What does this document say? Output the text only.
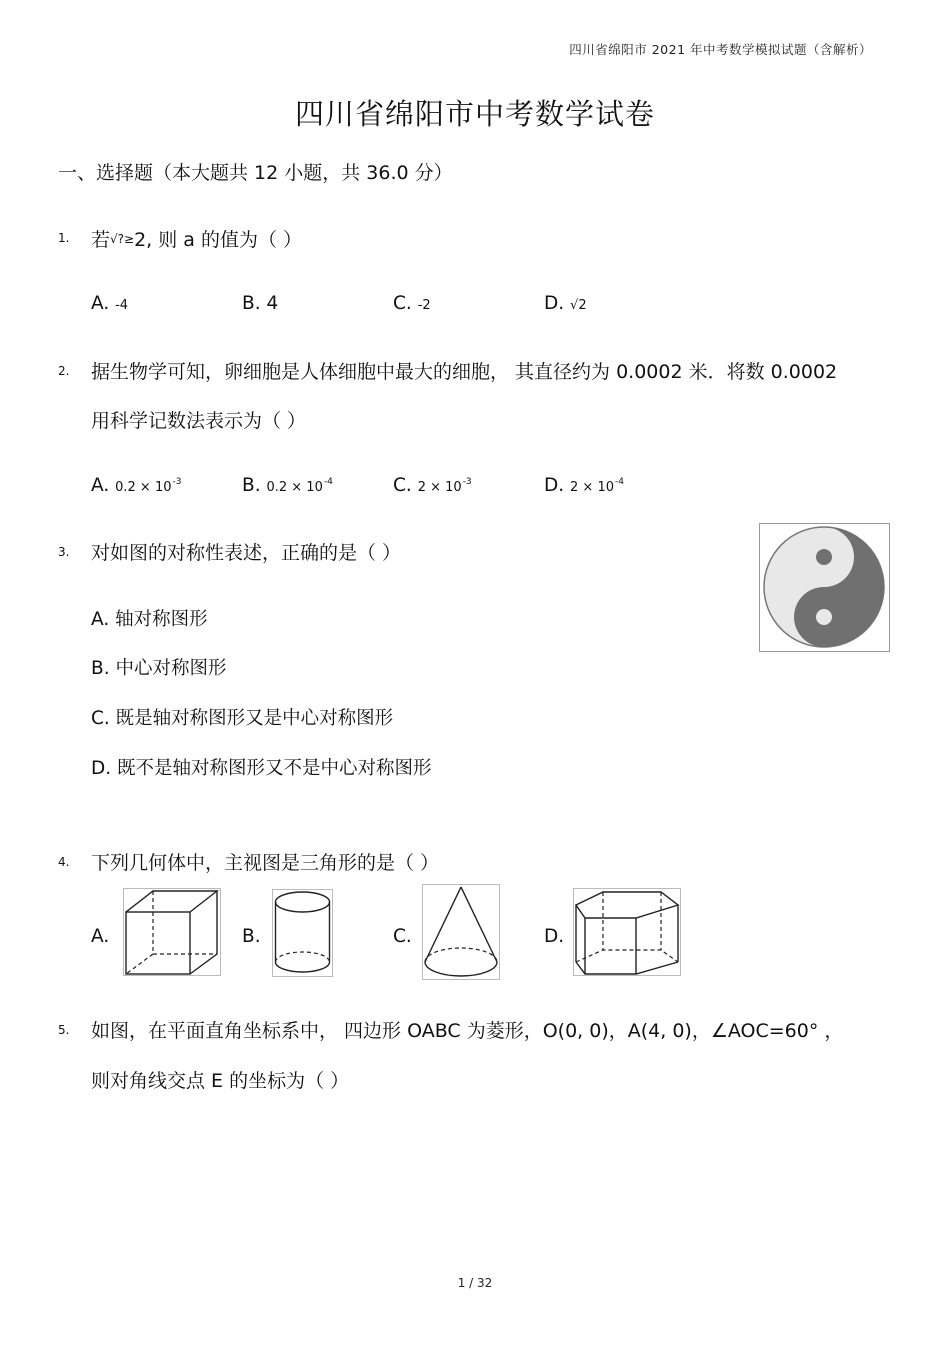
四川省绵阳市 2021 年中考数学模拟试题（含解析）
四川省绵阳市中考数学试卷
一、选择题（本大题共 12 小题，共 36.0 分）
1. 若√?≥2, 则 a 的值为（ ）
A. -4	B. 4	C. -2	D. √2
2. 据生物学可知，卵细胞是人体细胞中最大的细胞， 其直径约为 0.0002 米．将数 0.0002
用科学记数法表示为（ ）
A. $0.2 \times 10^{-3}$	B. $0.2 \times 10^{-4}$	C. $2 \times 10^{-3}$	D. $2 \times 10^{-4}$
3. 对如图的对称性表述，正确的是（ ）
A. 轴对称图形
B. 中心对称图形
C. 既是轴对称图形又是中心对称图形
D. 既不是轴对称图形又不是中心对称图形
4. 下列几何体中，主视图是三角形的是（ ）
A.	B.	C.	D.
5. 如图，在平面直角坐标系中， 四边形 OABC 为菱形，O(0, 0)，A(4, 0)，∠AOC=60° ，
则对角线交点 E 的坐标为（ ）
1 / 32
